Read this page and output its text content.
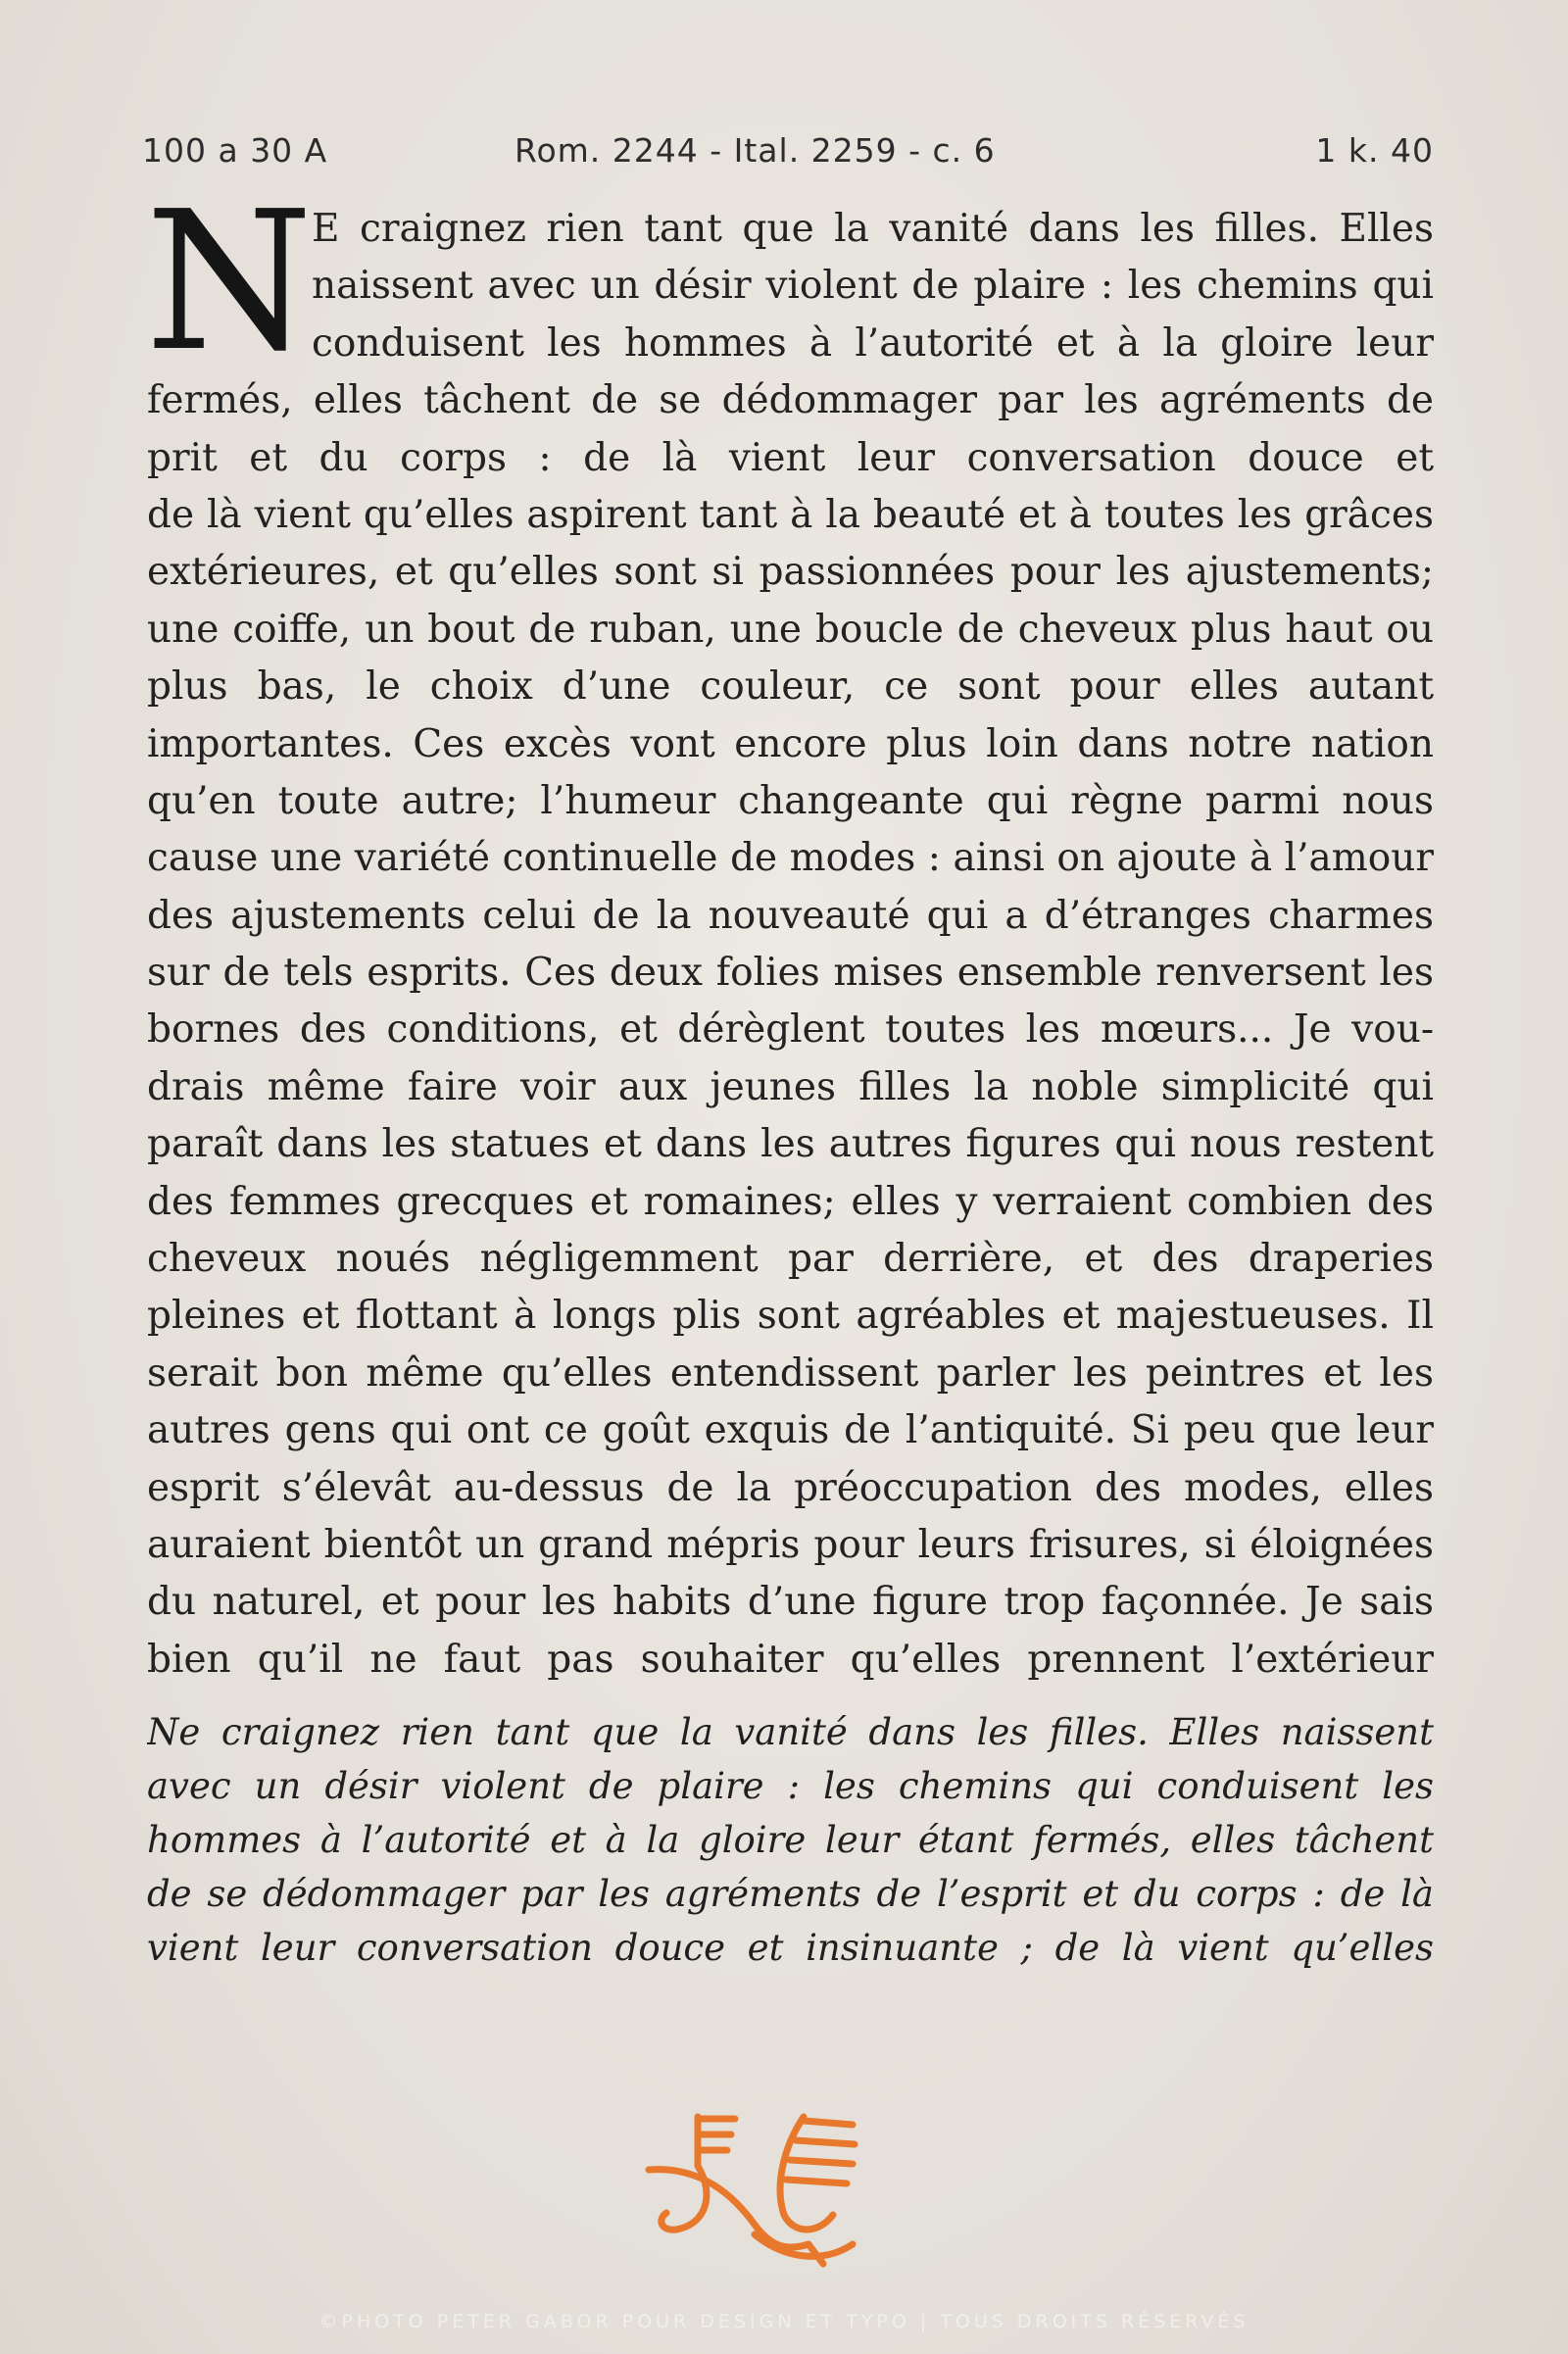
100 a 30 A	Rom. 2244 - Ital. 2259 - c. 6	1 k. 40
N
E craignez rien tant que la vanité dans les filles. Elles
naissent avec un désir violent de plaire : les chemins qui
conduisent les hommes à l’autorité et à la gloire leur
fermés, elles tâchent de se dédommager par les agréments de
prit et du corps : de là vient leur conversation douce et
de là vient qu’elles aspirent tant à la beauté et à toutes les grâces
extérieures, et qu’elles sont si passionnées pour les ajustements;
une coiffe, un bout de ruban, une boucle de cheveux plus haut ou
plus bas, le choix d’une couleur, ce sont pour elles autant
importantes. Ces excès vont encore plus loin dans notre nation
qu’en toute autre; l’humeur changeante qui règne parmi nous
cause une variété continuelle de modes : ainsi on ajoute à l’amour
des ajustements celui de la nouveauté qui a d’étranges charmes
sur de tels esprits. Ces deux folies mises ensemble renversent les
bornes des conditions, et dérèglent toutes les mœurs... Je vou-
drais même faire voir aux jeunes filles la noble simplicité qui
paraît dans les statues et dans les autres figures qui nous restent
des femmes grecques et romaines; elles y verraient combien des
cheveux noués négligemment par derrière, et des draperies
pleines et flottant à longs plis sont agréables et majestueuses. Il
serait bon même qu’elles entendissent parler les peintres et les
autres gens qui ont ce goût exquis de l’antiquité. Si peu que leur
esprit s’élevât au-dessus de la préoccupation des modes, elles
auraient bientôt un grand mépris pour leurs frisures, si éloignées
du naturel, et pour les habits d’une figure trop façonnée. Je sais
bien qu’il ne faut pas souhaiter qu’elles prennent l’extérieur
Ne craignez rien tant que la vanité dans les filles. Elles naissent
avec un désir violent de plaire : les chemins qui conduisent les
hommes à l’autorité et à la gloire leur étant fermés, elles tâchent
de se dédommager par les agréments de l’esprit et du corps : de là
vient leur conversation douce et insinuante ; de là vient qu’elles
©PHOTO PETER GABOR POUR DESIGN ET TYPO | TOUS DROITS RÉSERVÉS
